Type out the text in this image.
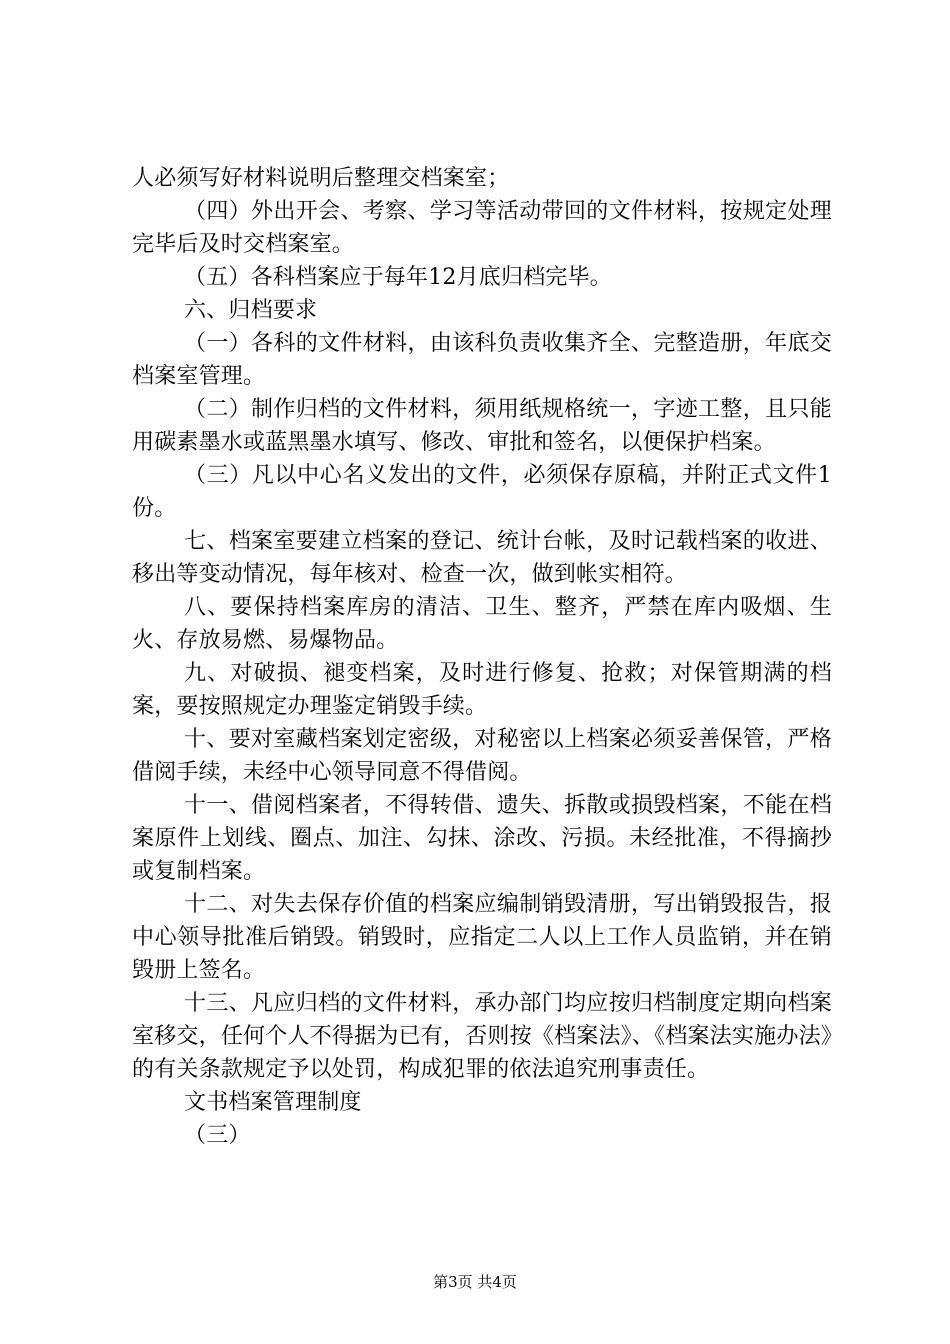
人必须写好材料说明后整理交档案室；

（四）外出开会、考察、学习等活动带回的文件材料，按规定处理完毕后及时交档案室。

（五）各科档案应于每年12月底归档完毕。

六、归档要求

（一）各科的文件材料，由该科负责收集齐全、完整造册，年底交档案室管理。

（二）制作归档的文件材料，须用纸规格统一，字迹工整，且只能用碳素墨水或蓝黑墨水填写、修改、审批和签名，以便保护档案。

（三）凡以中心名义发出的文件，必须保存原稿，并附正式文件1份。

七、档案室要建立档案的登记、统计台帐，及时记载档案的收进、移出等变动情况，每年核对、检查一次，做到帐实相符。

八、要保持档案库房的清洁、卫生、整齐，严禁在库内吸烟、生火、存放易燃、易爆物品。

九、对破损、褪变档案，及时进行修复、抢救；对保管期满的档案，要按照规定办理鉴定销毁手续。

十、要对室藏档案划定密级，对秘密以上档案必须妥善保管，严格借阅手续，未经中心领导同意不得借阅。

十一、借阅档案者，不得转借、遗失、拆散或损毁档案，不能在档案原件上划线、圈点、加注、勾抹、涂改、污损。未经批准，不得摘抄或复制档案。

十二、对失去保存价值的档案应编制销毁清册，写出销毁报告，报中心领导批准后销毁。销毁时，应指定二人以上工作人员监销，并在销毁册上签名。

十三、凡应归档的文件材料，承办部门均应按归档制度定期向档案室移交，任何个人不得据为已有，否则按《档案法》、《档案法实施办法》的有关条款规定予以处罚，构成犯罪的依法追究刑事责任。

文书档案管理制度

（三）

第3页 共4页
